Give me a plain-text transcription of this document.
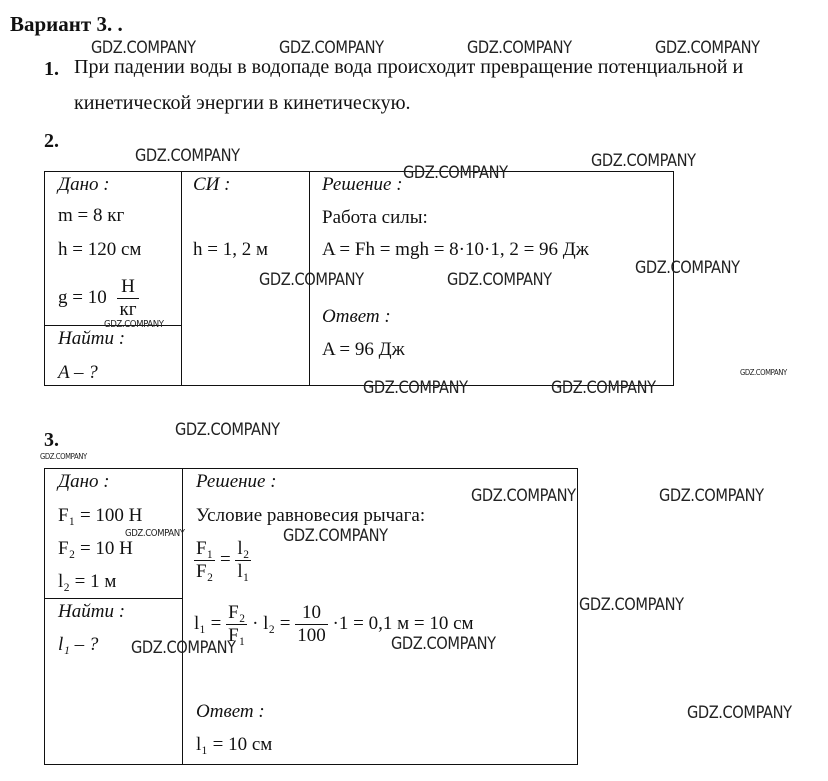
Вариант 3. .
1. При падении воды в водопаде вода происходит превращение потенциальной и
кинетической энергии в кинетическую.
2.
Дано :
m = 8 кг
h = 120 см
$g = 10 \frac{Н}{кг}$
Найти :
A – ?
СИ :
h = 1, 2 м
Решение :
Работа силы:
A = Fh = mgh = 8·10·1, 2 = 96 Дж
Ответ :
A = 96 Дж
3.
Дано :
F₁ = 100 Н
F₂ = 10 Н
l₂ = 1 м
Найти :
l₁ – ?
Решение :
Условие равновесия рычага:
$\frac{\text{F₁}}{\text{F₂}} = \frac{\text{l₂}}{\text{l₁}}$
$l_1 = \frac{\text{F₂}}{\text{F₁}} \cdot l_2 = \frac{10}{100} \cdot 1 = 0,1$ м = 10 см
Ответ :
l₁ = 10 см
GDZ.COMPANY	GDZ.COMPANY	GDZ.COMPANY	GDZ.COMPANY
GDZ.COMPANY
GDZ.COMPANY
GDZ.COMPANY
GDZ.COMPANY
GDZ.COMPANY	GDZ.COMPANY
GDZ.COMPANY
GDZ.COMPANY	GDZ.COMPANY
GDZ.COMPANY
GDZ.COMPANY
GDZ.COMPANY
GDZ.COMPANY	GDZ.COMPANY
GDZ.COMPANY	GDZ.COMPANY
GDZ.COMPANY
GDZ.COMPANY	GDZ.COMPANY
GDZ.COMPANY
